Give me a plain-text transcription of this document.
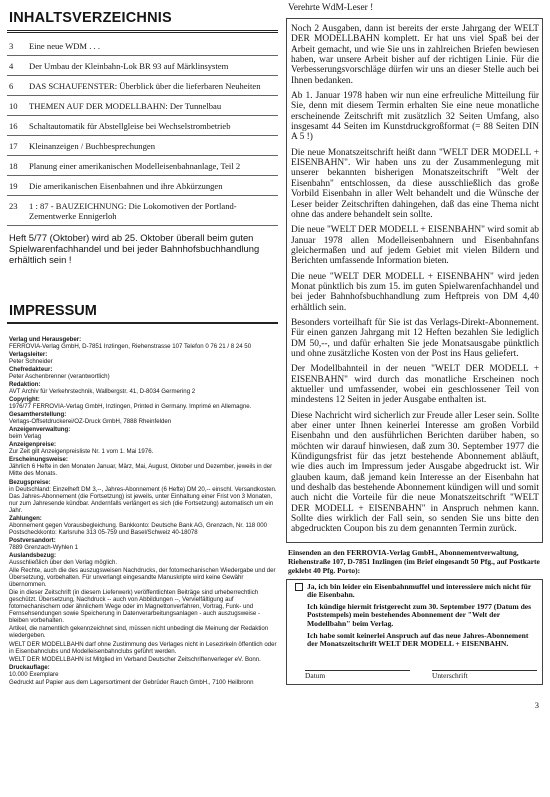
INHALTSVERZEICHNIS
3	Eine neue WDM . . .
4	Der Umbau der Kleinbahn-Lok BR 93 auf Märklinsystem
6	DAS SCHAUFENSTER: Überblick über die lieferbaren Neuheiten
10	THEMEN AUF DER MODELLBAHN: Der Tunnelbau
16	Schaltautomatik für Abstellgleise bei Wechselstrombetrieb
17	Kleinanzeigen / Buchbesprechungen
18	Planung einer amerikanischen Modelleisenbahnanlage, Teil 2
19	Die amerikanischen Eisenbahnen und ihre Abkürzungen
23	1 : 87 - BAUZEICHNUNG: Die Lokomotiven der Portland-Zementwerke Ennigerloh
Heft 5/77 (Oktober) wird ab 25. Oktober überall beim guten Spielwarenfachhandel und bei jeder Bahnhofsbuchhandlung erhältlich sein !
IMPRESSUM
Verlag und Herausgeber:
FERROVIA-Verlag GmbH, D-7851 Inzlingen, Riehenstrasse 107 Telefon 0 76 21 / 8 24 50
Verlagsleiter:
Peter Schneider
Chefredakteur:
Peter Aschenbrenner (verantwortlich)
Redaktion:
AVT Archiv für Verkehrstechnik, Wallbergstr. 41, D-8034 Germering 2
Copyright:
1976/77 FERROVIA-Verlag GmbH, Inzlingen, Printed in Germany. Imprimé en Allemagne.
Gesamtherstellung:
Verlags-Offsetdruckerei/OZ-Druck GmbH, 7888 Rheinfelden
Anzeigenverwaltung:
beim Verlag
Anzeigenpreise:
Zur Zeit gilt Anzeigenpreisliste Nr. 1 vom 1. Mai 1976.
Erscheinungsweise:
Jährlich 6 Hefte in den Monaten Januar, März, Mai, August, Oktober und Dezember, jeweils in der Mitte des Monats.
Bezugspreise:
in Deutschland: Einzelheft DM 3,--, Jahres-Abonnement (6 Hefte) DM 20,-- einschl. Versandkosten. Das Jahres-Abonnement (die Fortsetzung) ist jeweils, unter Einhaltung einer Frist von 3 Monaten, nur zum Jahresende kündbar. Andernfalls verlängert es sich (die Fortsetzung) automatisch um ein Jahr.
Zahlungen:
Abonnement gegen Vorausbegleichung. Bankkonto: Deutsche Bank AG, Grenzach, Nr. 118 000 Postscheckkonto: Karlsruhe 313 05-759 und Basel/Schweiz 40-18078
Postversandort:
7889 Grenzach-Wyhlen 1
Auslandsbezug:
Ausschließlich über den Verlag möglich.
Alle Rechte, auch die des auszugsweisen Nachdrucks, der fotomechanischen Wiedergabe und der Übersetzung, vorbehalten. Für unverlangt eingesandte Manuskripte wird keine Gewähr übernommen.
Die in dieser Zeitschrift (in diesem Lieferwerk) veröffentlichten Beiträge sind urheberrechtlich geschützt. Übersetzung, Nachdruck -- auch von Abbildungen --, Vervielfältigung auf fotomechanischem oder ähnlichem Wege oder im Magnettonverfahren, Vortrag, Funk- und Fernsehsendungen sowie Speicherung in Datenverarbeitungsanlagen - auch auszugsweise - bleiben vorbehalten.
Artikel, die namentlich gekennzeichnet sind, müssen nicht unbedingt die Meinung der Redaktion wiedergeben.
WELT DER MODELLBAHN darf ohne Zustimmung des Verlages nicht in Lesezirkeln öffentlich oder in Eisenbahnclubs und Modelleisenbahnclubs geführt werden.
WELT DER MODELLBAHN ist Mitglied im Verband Deutscher Zeitschriftenverleger eV. Bonn.
Druckauflage:
10.000 Exemplare
Gedruckt auf Papier aus dem Lagersortiment der Gebrüder Rauch GmbH., 7100 Heilbronn
Verehrte WdM-Leser !

Noch 2 Ausgaben, dann ist bereits der erste Jahrgang der WELT DER MODELLBAHN komplett. Er hat uns viel Spaß bei der Arbeit gemacht, und wie Sie uns in zahlreichen Briefen bewiesen haben, war unsere Arbeit bisher auf der richtigen Linie. Für die Verbesserungsvorschläge dürfen wir uns an dieser Stelle auch bei Ihnen bedanken.

Ab 1. Januar 1978 haben wir nun eine erfreuliche Mitteilung für Sie, denn mit diesem Termin erhalten Sie eine neue monatliche erscheinende Zeitschrift mit zusätzlich 32 Seiten Umfang, also insgesamt 44 Seiten im Kunstdruckgroßformat (= 88 Seiten DIN A 5 !)

Die neue Monatszeitschrift heißt dann "WELT DER MODELL + EISENBAHN". Wir haben uns zu der Zusammenlegung mit unserer bekannten bisherigen Monatszeitschrift "Welt der Eisenbahn" entschlossen, da diese ausschließlich das große Vorbild Eisenbahn in aller Welt behandelt und die Wünsche der Leser beider Zeitschriften dahingehen, daß das eine Thema nicht ohne das andere behandelt sein sollte.

Die neue "WELT DER MODELL + EISENBAHN" wird somit ab Januar 1978 allen Modelleisenbahnern und Eisenbahnfans gleichermaßen und auf jedem Gebiet mit vielen Bildern und Berichten umfassende Information bieten.

Die neue "WELT DER MODELL + EISENBAHN" wird jeden Monat pünktlich bis zum 15. im guten Spielwarenfachhandel und bei jeder Bahnhofsbuchhandlung zum Heftpreis von DM 4,40 erhältlich sein.

Besonders vorteilhaft für Sie ist das Verlags-Direkt-Abonnement. Für einen ganzen Jahrgang mit 12 Heften bezahlen Sie lediglich DM 50,--, und dafür erhalten Sie jede Monatsausgabe pünktlich und ohne zusätzliche Kosten von der Post ins Haus geliefert.

Der Modellbahnteil in der neuen "WELT DER MODELL + EISENBAHN" wird durch das monatliche Erscheinen noch aktueller und umfassender, wobei ein geschlossener Teil von mindestens 12 Seiten in jeder Ausgabe enthalten ist.

Diese Nachricht wird sicherlich zur Freude aller Leser sein. Sollte aber einer unter Ihnen keinerlei Interesse am großen Vorbild Eisenbahn und den ausführlichen Berichten darüber haben, so möchten wir darauf hinwiesen, daß zum 30. September 1977 die Kündigungsfrist für das jetzt bestehende Abonnement abläuft, wie dies auch im Impressum jeder Ausgabe abgedruckt ist. Wir glauben kaum, daß jemand kein Interesse an der Eisenbahn hat und deshalb das bestehende Abonnement kündigen will und somit auch nicht die Vorteile für die neue Monatszeitschrift "WELT DER MODELL + EISENBAHN" in Anspruch nehmen kann. Sollte dies wirklich der Fall sein, so senden Sie uns bitte den abgedruckten Coupon bis zu dem genannten Termin zurück.

Einsenden an den FERROVIA-Verlag GmbH., Abonnementverwaltung, Riehenstraße 107, D-7851 Inzlingen (im Brief eingesandt 50 Pfg., auf Postkarte geklebt 40 Pfg. Porto):
Ja, ich bin leider ein Eisenbahnmuffel und interessiere mich nicht für die Eisenbahn.
Ich kündige hiermit fristgerecht zum 30. September 1977 (Datum des Poststempels) mein bestehendes Abonnement der "Welt der Modellbahn" beim Verlag.
Ich habe somit keinerlei Anspruch auf das neue Jahres-Abonnement der Monatszeitschrift WELT DER MODELL + EISENBAHN.
Datum	Unterschrift
3
